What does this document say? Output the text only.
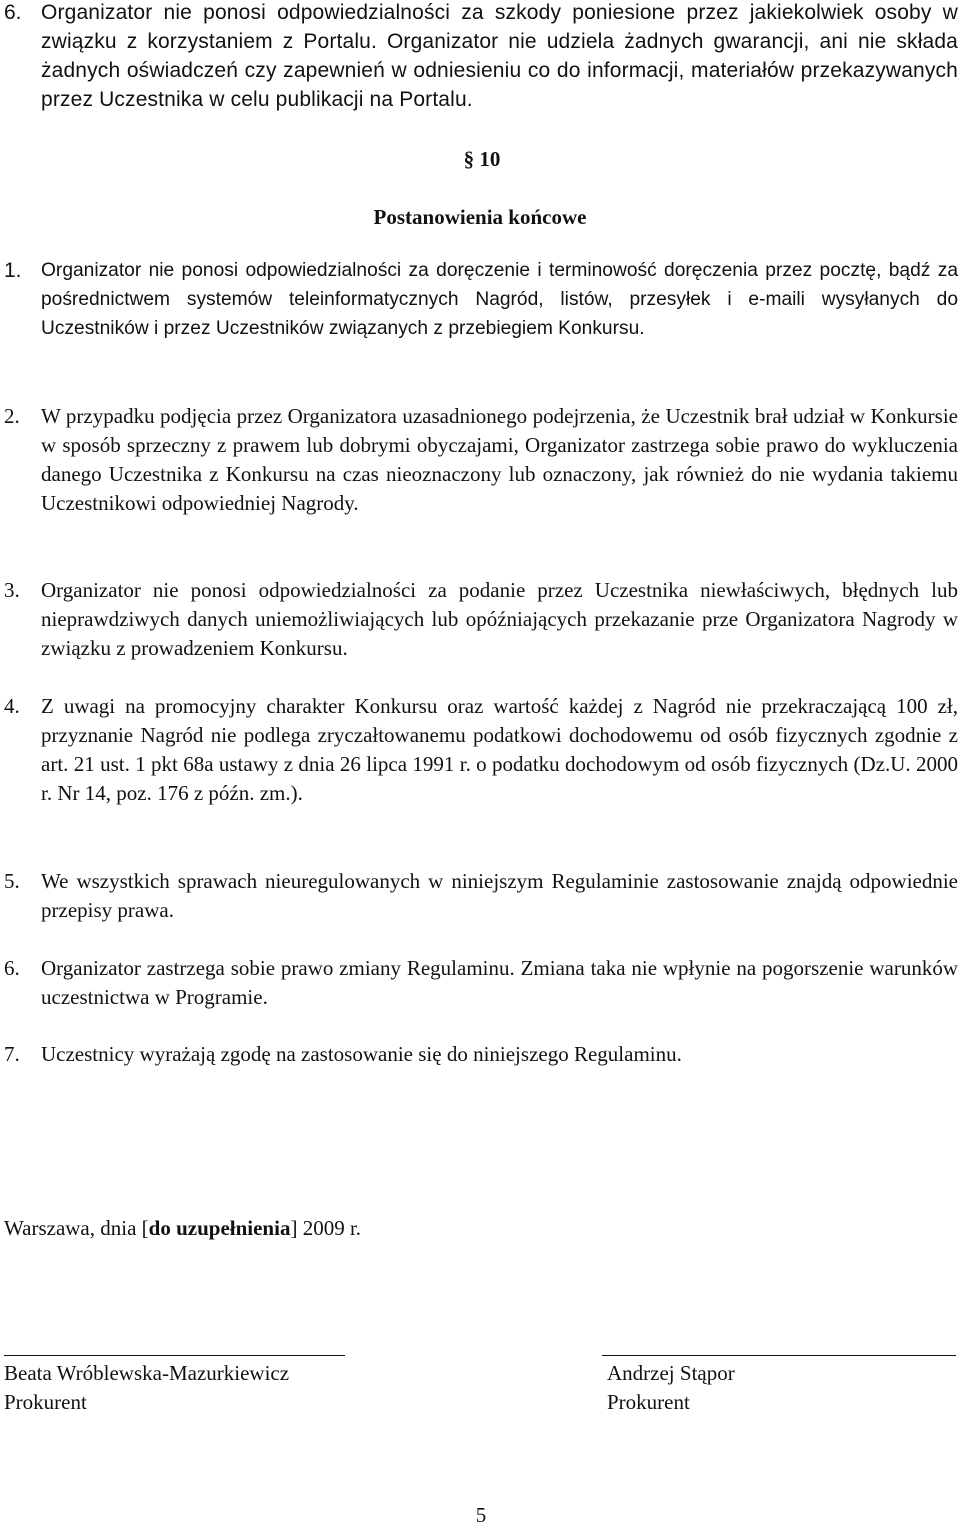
6. Organizator nie ponosi odpowiedzialności za szkody poniesione przez jakiekolwiek osoby w związku z korzystaniem z Portalu. Organizator nie udziela żadnych gwarancji, ani nie składa żadnych oświadczeń czy zapewnień w odniesieniu co do informacji, materiałów przekazywanych przez Uczestnika w celu publikacji na Portalu.
§ 10
Postanowienia końcowe
1. Organizator nie ponosi odpowiedzialności za doręczenie i terminowość doręczenia przez pocztę, bądź za pośrednictwem systemów teleinformatycznych Nagród, listów, przesyłek i e-maili wysyłanych do Uczestników i przez Uczestników związanych z przebiegiem Konkursu.
2. W przypadku podjęcia przez Organizatora uzasadnionego podejrzenia, że Uczestnik brał udział w Konkursie w sposób sprzeczny z prawem lub dobrymi obyczajami, Organizator zastrzega sobie prawo do wykluczenia danego Uczestnika z Konkursu na czas nieoznaczony lub oznaczony, jak również do nie wydania takiemu Uczestnikowi odpowiedniej Nagrody.
3. Organizator nie ponosi odpowiedzialności za podanie przez Uczestnika niewłaściwych, błędnych lub nieprawdziwych danych uniemożliwiających lub opóźniających przekazanie prze Organizatora Nagrody w związku z prowadzeniem Konkursu.
4. Z uwagi na promocyjny charakter Konkursu oraz wartość każdej z Nagród nie przekraczającą 100 zł, przyznanie Nagród nie podlega zryczałtowanemu podatkowi dochodowemu od osób fizycznych zgodnie z art. 21 ust. 1 pkt 68a ustawy z dnia 26 lipca 1991 r. o podatku dochodowym od osób fizycznych (Dz.U. 2000 r. Nr 14, poz. 176 z późn. zm.).
5. We wszystkich sprawach nieuregulowanych w niniejszym Regulaminie zastosowanie znajdą odpowiednie przepisy prawa.
6. Organizator zastrzega sobie prawo zmiany Regulaminu. Zmiana taka nie wpłynie na pogorszenie warunków uczestnictwa w Programie.
7. Uczestnicy wyrażają zgodę na zastosowanie się do niniejszego Regulaminu.
Warszawa, dnia [do uzupełnienia] 2009 r.
Beata Wróblewska-Mazurkiewicz
Prokurent
Andrzej Stąpor
Prokurent
5
